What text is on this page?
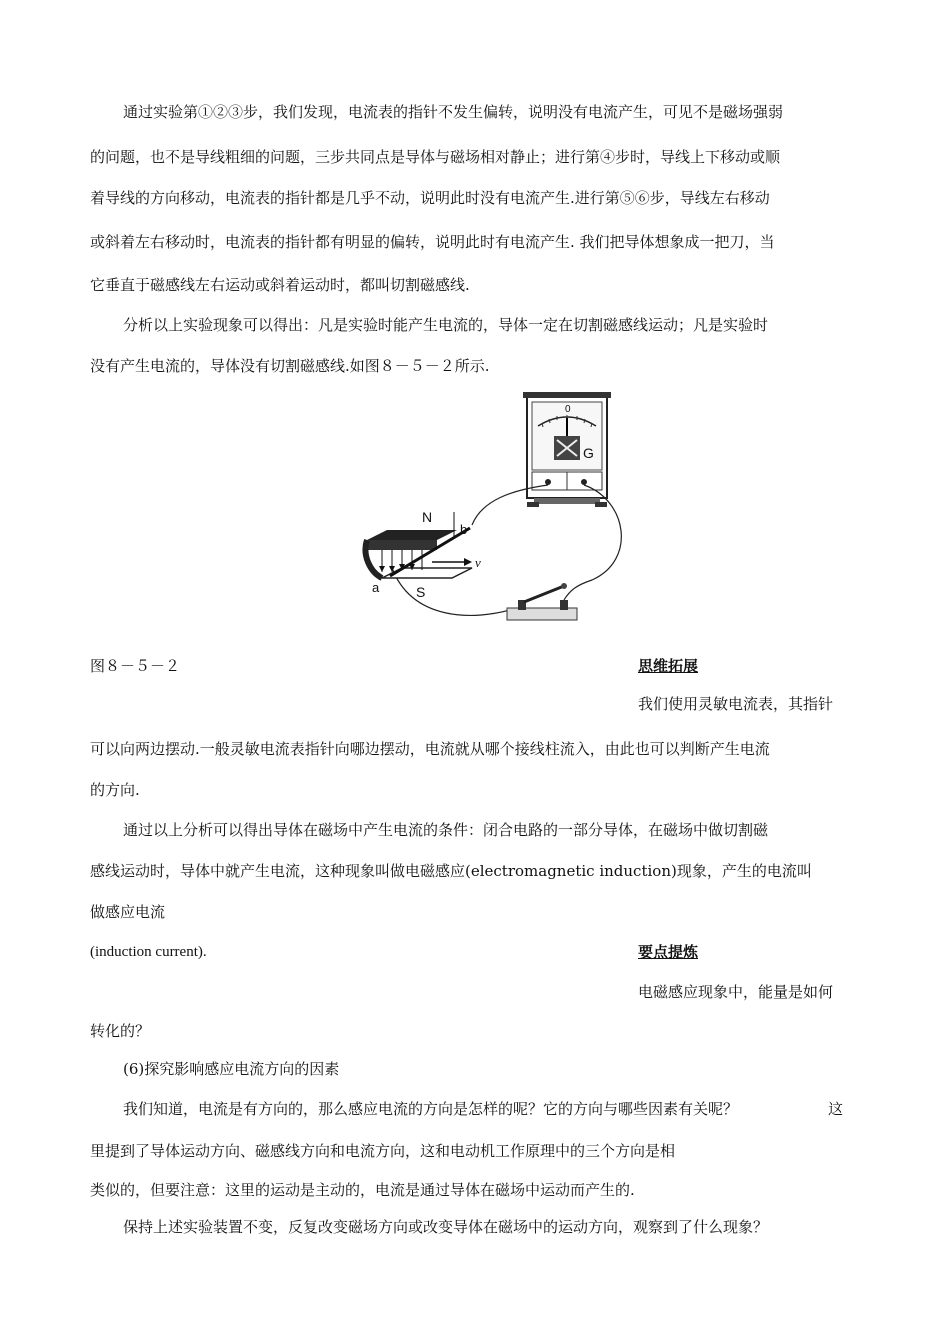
通过实验第①②③步，我们发现，电流表的指针不发生偏转，说明没有电流产生，可见不是磁场强弱
的问题，也不是导线粗细的问题，三步共同点是导体与磁场相对静止；进行第④步时，导线上下移动或顺
着导线的方向移动，电流表的指针都是几乎不动，说明此时没有电流产生.进行第⑤⑥步，导线左右移动
或斜着左右移动时，电流表的指针都有明显的偏转，说明此时有电流产生. 我们把导体想象成一把刀，当
它垂直于磁感线左右运动或斜着运动时，都叫切割磁感线.
分析以上实验现象可以得出：凡是实验时能产生电流的，导体一定在切割磁感线运动；凡是实验时
没有产生电流的，导体没有切割磁感线.如图８－５－２所示.
0
G
N
S
a
b
v
图８－５－２	思维拓展
我们使用灵敏电流表，其指针
可以向两边摆动.一般灵敏电流表指针向哪边摆动，电流就从哪个接线柱流入，由此也可以判断产生电流
的方向.
通过以上分析可以得出导体在磁场中产生电流的条件：闭合电路的一部分导体，在磁场中做切割磁
感线运动时，导体中就产生电流，这种现象叫做电磁感应(electromagnetic induction)现象，产生的电流叫
做感应电流
(induction current).	要点提炼
电磁感应现象中，能量是如何
转化的？
(6)探究影响感应电流方向的因素
我们知道，电流是有方向的，那么感应电流的方向是怎样的呢？它的方向与哪些因素有关呢？	这
里提到了导体运动方向、磁感线方向和电流方向，这和电动机工作原理中的三个方向是相
类似的，但要注意：这里的运动是主动的，电流是通过导体在磁场中运动而产生的.
保持上述实验装置不变，反复改变磁场方向或改变导体在磁场中的运动方向，观察到了什么现象？
